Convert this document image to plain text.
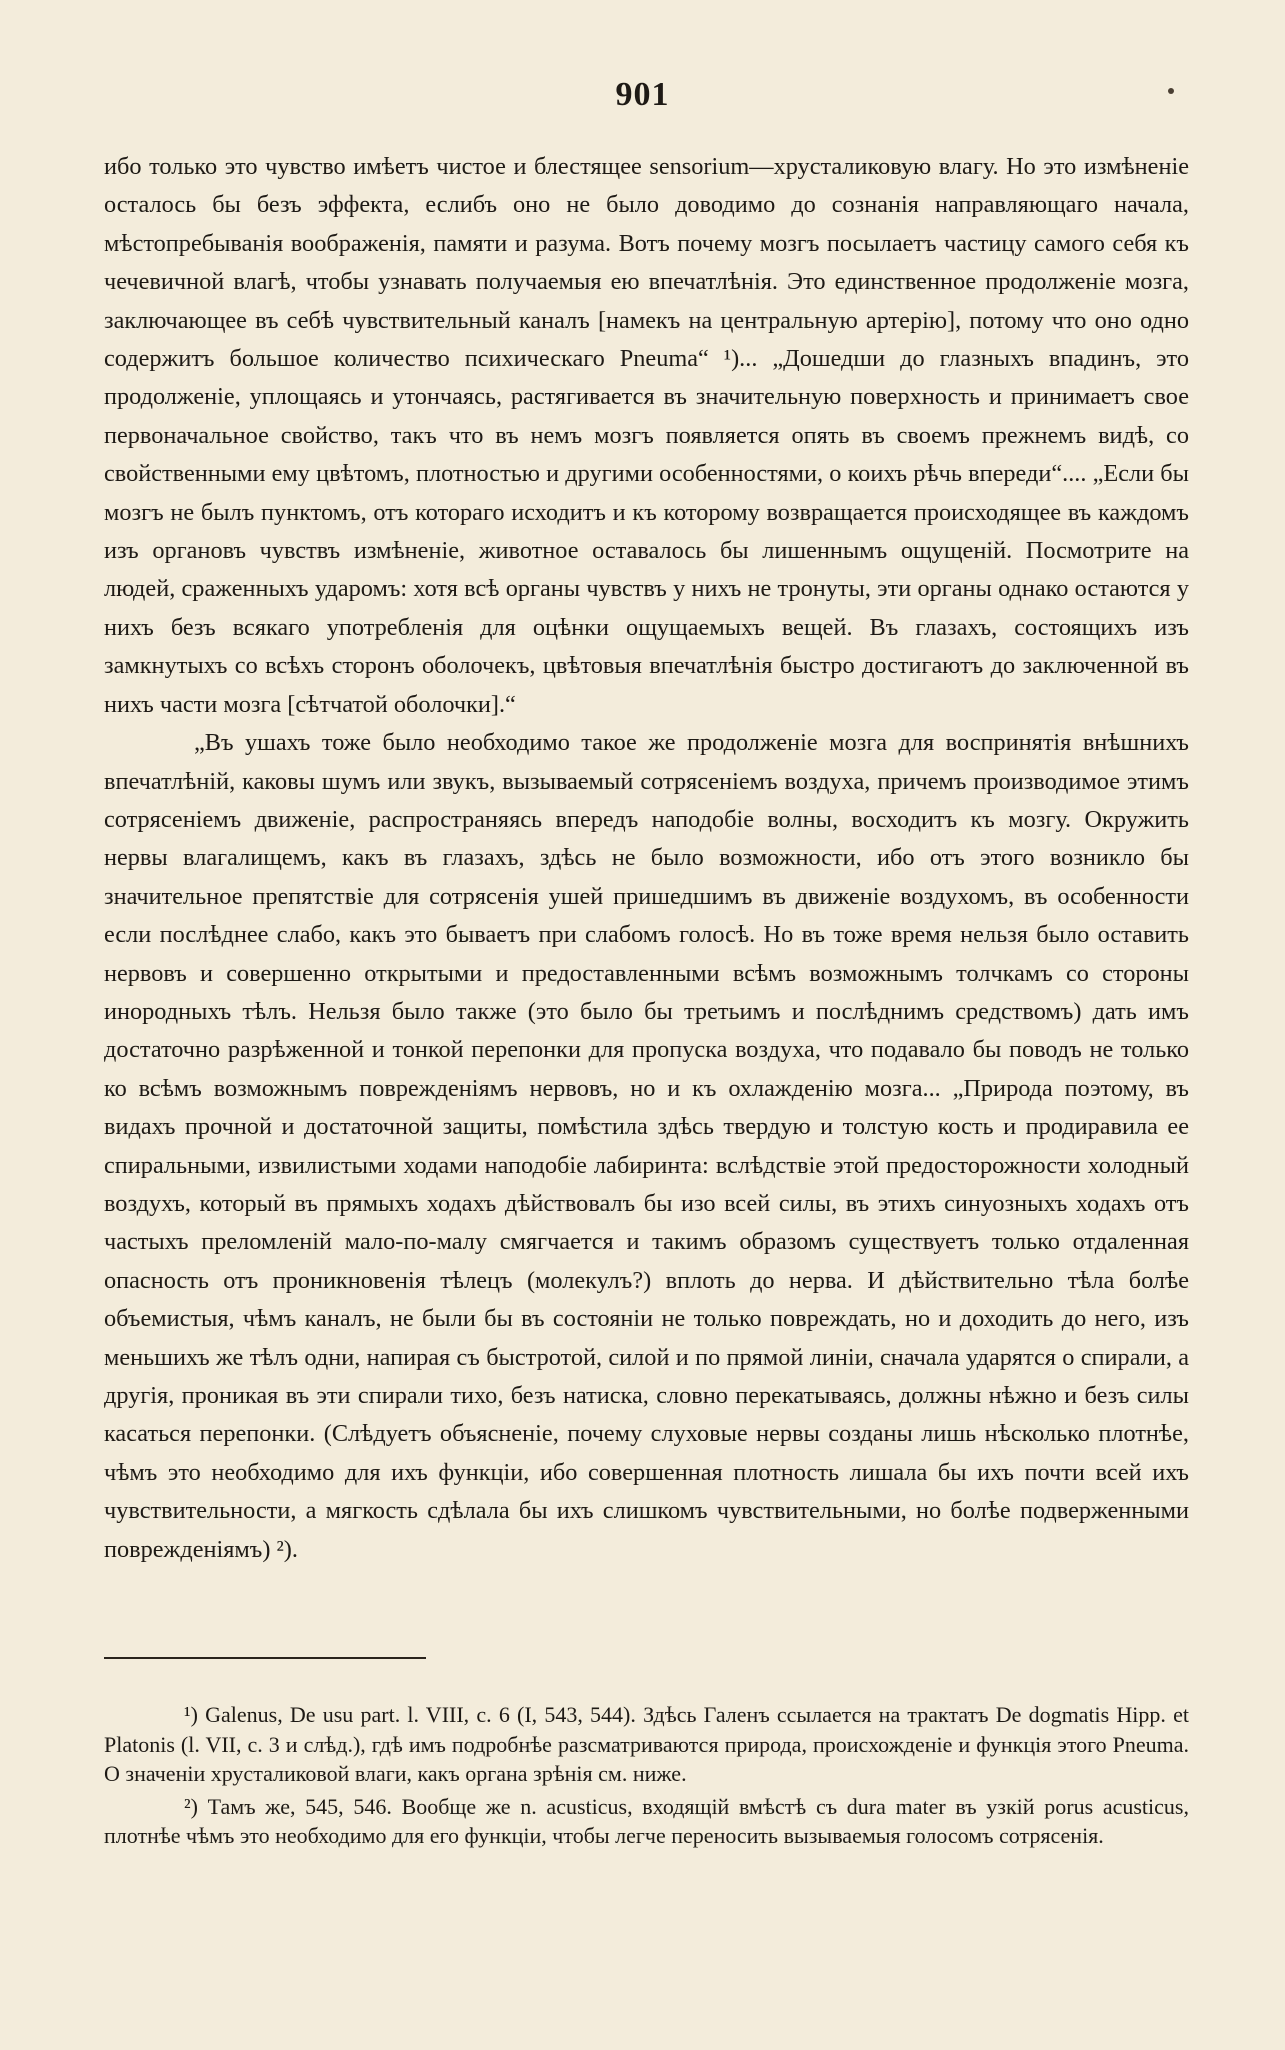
901

ибо только это чувство имѣетъ чистое и блестящее sensorium—хрусталиковую влагу. Но это измѣненіе осталось бы безъ эффекта, еслибъ оно не было доводимо до сознанія направляющаго начала, мѣстопребыванія воображенія, памяти и разума. Вотъ почему мозгъ посылаетъ частицу самого себя къ чечевичной влагѣ, чтобы узнавать получаемыя ею впечатлѣнія. Это единственное продолженіе мозга, заключающее въ себѣ чувствительный каналъ [намекъ на центральную артерію], потому что оно одно содержитъ большое количество психическаго Pneuma“ ¹)... „Дошедши до глазныхъ впадинъ, это продолженіе, уплощаясь и утончаясь, растягивается въ значительную поверхность и принимаетъ свое первоначальное свойство, такъ что въ немъ мозгъ появляется опять въ своемъ прежнемъ видѣ, со свойственными ему цвѣтомъ, плотностью и другими особенностями, о коихъ рѣчь впереди“.... „Если бы мозгъ не былъ пунктомъ, отъ котораго исходитъ и къ которому возвращается происходящее въ каждомъ изъ органовъ чувствъ измѣненіе, животное оставалось бы лишеннымъ ощущеній. Посмотрите на людей, сраженныхъ ударомъ: хотя всѣ органы чувствъ у нихъ не тронуты, эти органы однако остаются у нихъ безъ всякаго употребленія для оцѣнки ощущаемыхъ вещей. Въ глазахъ, состоящихъ изъ замкнутыхъ со всѣхъ сторонъ оболочекъ, цвѣтовыя впечатлѣнія быстро достигаютъ до заключенной въ нихъ части мозга [сѣтчатой оболочки].“

„Въ ушахъ тоже было необходимо такое же продолженіе мозга для воспринятія внѣшнихъ впечатлѣній, каковы шумъ или звукъ, вызываемый сотрясеніемъ воздуха, причемъ производимое этимъ сотрясеніемъ движеніе, распространяясь впередъ наподобіе волны, восходитъ къ мозгу. Окружить нервы влагалищемъ, какъ въ глазахъ, здѣсь не было возможности, ибо отъ этого возникло бы значительное препятствіе для сотрясенія ушей пришедшимъ въ движеніе воздухомъ, въ особенности если послѣднее слабо, какъ это бываетъ при слабомъ голосѣ. Но въ тоже время нельзя было оставить нервовъ и совершенно открытыми и предоставленными всѣмъ возможнымъ толчкамъ со стороны инородныхъ тѣлъ. Нельзя было также (это было бы третьимъ и послѣднимъ средствомъ) дать имъ достаточно разрѣженной и тонкой перепонки для пропуска воздуха, что подавало бы поводъ не только ко всѣмъ возможнымъ поврежденіямъ нервовъ, но и къ охлажденію мозга... „Природа поэтому, въ видахъ прочной и достаточной защиты, помѣстила здѣсь твердую и толстую кость и продиравила ее спиральными, извилистыми ходами наподобіе лабиринта: вслѣдствіе этой предосторожности холодный воздухъ, который въ прямыхъ ходахъ дѣйствовалъ бы изо всей силы, въ этихъ синуозныхъ ходахъ отъ частыхъ преломленій мало-по-малу смягчается и такимъ образомъ существуетъ только отдаленная опасность отъ проникновенія тѣлецъ (молекулъ?) вплоть до нерва. И дѣйствительно тѣла болѣе объемистыя, чѣмъ каналъ, не были бы въ состояніи не только повреждать, но и доходить до него, изъ меньшихъ же тѣлъ одни, напирая съ быстротой, силой и по прямой линіи, сначала ударятся о спирали, а другія, проникая въ эти спирали тихо, безъ натиска, словно перекатываясь, должны нѣжно и безъ силы касаться перепонки. (Слѣдуетъ объясненіе, почему слуховые нервы созданы лишь нѣсколько плотнѣе, чѣмъ это необходимо для ихъ функціи, ибо совершенная плотность лишала бы ихъ почти всей ихъ чувствительности, а мягкость сдѣлала бы ихъ слишкомъ чувствительными, но болѣе подверженными поврежденіямъ) ²).

¹) Galenus, De usu part. l. VIII, c. 6 (I, 543, 544). Здѣсь Галенъ ссылается на трактатъ De dogmatis Hipp. et Platonis (l. VII, c. 3 и слѣд.), гдѣ имъ подробнѣе разсматриваются природа, происхожденіе и функція этого Pneuma. О значеніи хрусталиковой влаги, какъ органа зрѣнія см. ниже.

²) Тамъ же, 545, 546. Вообще же n. acusticus, входящій вмѣстѣ съ dura mater въ узкій porus acusticus, плотнѣе чѣмъ это необходимо для его функціи, чтобы легче переносить вызываемыя голосомъ сотрясенія.
